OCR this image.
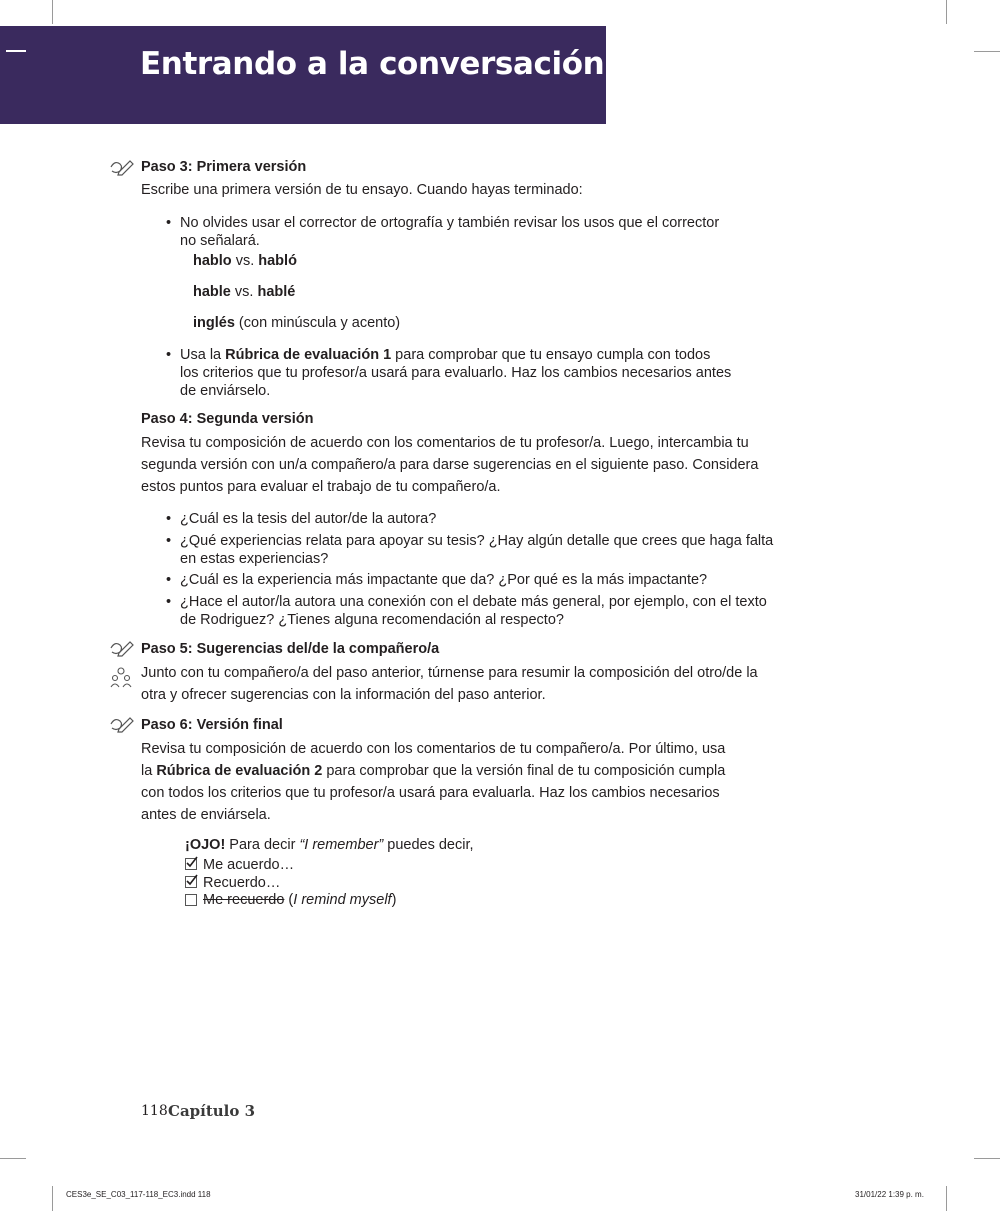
Entrando a la conversación 3

Paso 3: Primera versión

Escribe una primera versión de tu ensayo. Cuando hayas terminado:

• No olvides usar el corrector de ortografía y también revisar los usos que el corrector

no señalará.

hablo vs. habló

hable vs. hablé

inglés (con minúscula y acento)

• Usa la Rúbrica de evaluación 1 para comprobar que tu ensayo cumpla con todos

los criterios que tu profesor/a usará para evaluarlo. Haz los cambios necesarios antes

de enviárselo.

Paso 4: Segunda versión

Revisa tu composición de acuerdo con los comentarios de tu profesor/a. Luego, intercambia tu

segunda versión con un/a compañero/a para darse sugerencias en el siguiente paso. Considera

estos puntos para evaluar el trabajo de tu compañero/a.

• ¿Cuál es la tesis del autor/de la autora?

• ¿Qué experiencias relata para apoyar su tesis? ¿Hay algún detalle que crees que haga falta

en estas experiencias?

• ¿Cuál es la experiencia más impactante que da? ¿Por qué es la más impactante?

• ¿Hace el autor/la autora una conexión con el debate más general, por ejemplo, con el texto

de Rodriguez? ¿Tienes alguna recomendación al respecto?

Paso 5: Sugerencias del/de la compañero/a

Junto con tu compañero/a del paso anterior, túrnense para resumir la composición del otro/de la

otra y ofrecer sugerencias con la información del paso anterior.

Paso 6: Versión final

Revisa tu composición de acuerdo con los comentarios de tu compañero/a. Por último, usa

la Rúbrica de evaluación 2 para comprobar que la versión final de tu composición cumpla

con todos los criterios que tu profesor/a usará para evaluarla. Haz los cambios necesarios

antes de enviársela.

¡OJO! Para decir “I remember” puedes decir,

Me acuerdo…

Recuerdo…

Me recuerdo (I remind myself)

118 Capítulo 3
CES3e_SE_C03_117-118_EC3.indd 118	31/01/22 1:39 p. m.
